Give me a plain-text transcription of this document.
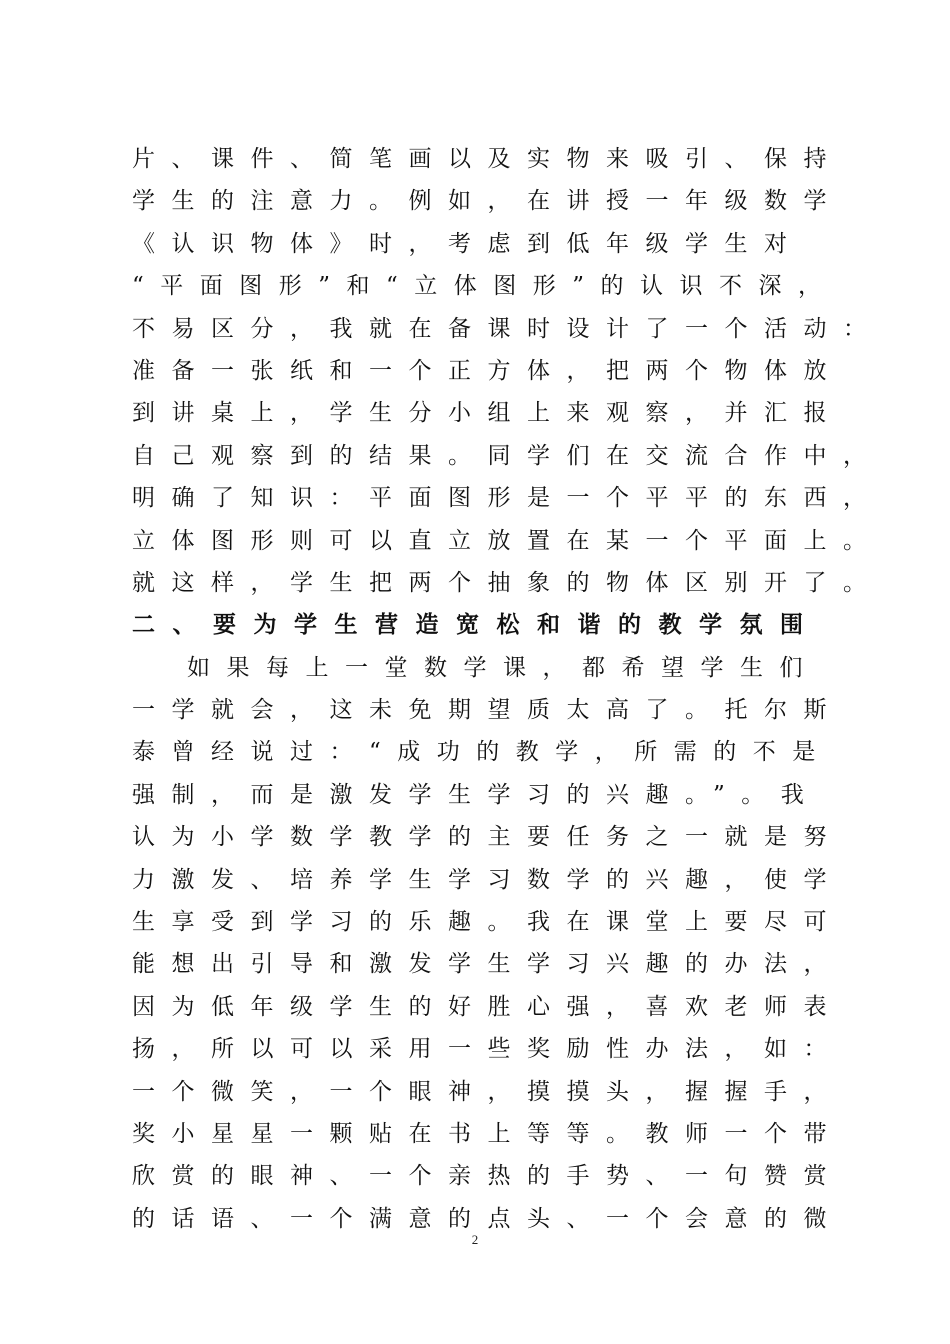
片、课件、简笔画以及实物来吸引、保持
学生的注意力。例如，在讲授一年级数学
《认识物体》时，考虑到低年级学生对
“平面图形”和“立体图形”的认识不深，
不易区分，我就在备课时设计了一个活动：
准备一张纸和一个正方体，把两个物体放
到讲桌上，学生分小组上来观察，并汇报
自己观察到的结果。同学们在交流合作中，
明确了知识：平面图形是一个平平的东西，
立体图形则可以直立放置在某一个平面上。
就这样，学生把两个抽象的物体区别开了。
二、要为学生营造宽松和谐的教学氛围
如果每上一堂数学课，都希望学生们
一学就会，这未免期望质太高了。托尔斯
泰曾经说过：“成功的教学，所需的不是
强制，而是激发学生学习的兴趣。”。我
认为小学数学教学的主要任务之一就是努
力激发、培养学生学习数学的兴趣，使学
生享受到学习的乐趣。我在课堂上要尽可
能想出引导和激发学生学习兴趣的办法，
因为低年级学生的好胜心强，喜欢老师表
扬，所以可以采用一些奖励性办法，如：
一个微笑，一个眼神，摸摸头，握握手，
奖小星星一颗贴在书上等等。教师一个带
欣赏的眼神、一个亲热的手势、一句赞赏
的话语、一个满意的点头、一个会意的微
2
